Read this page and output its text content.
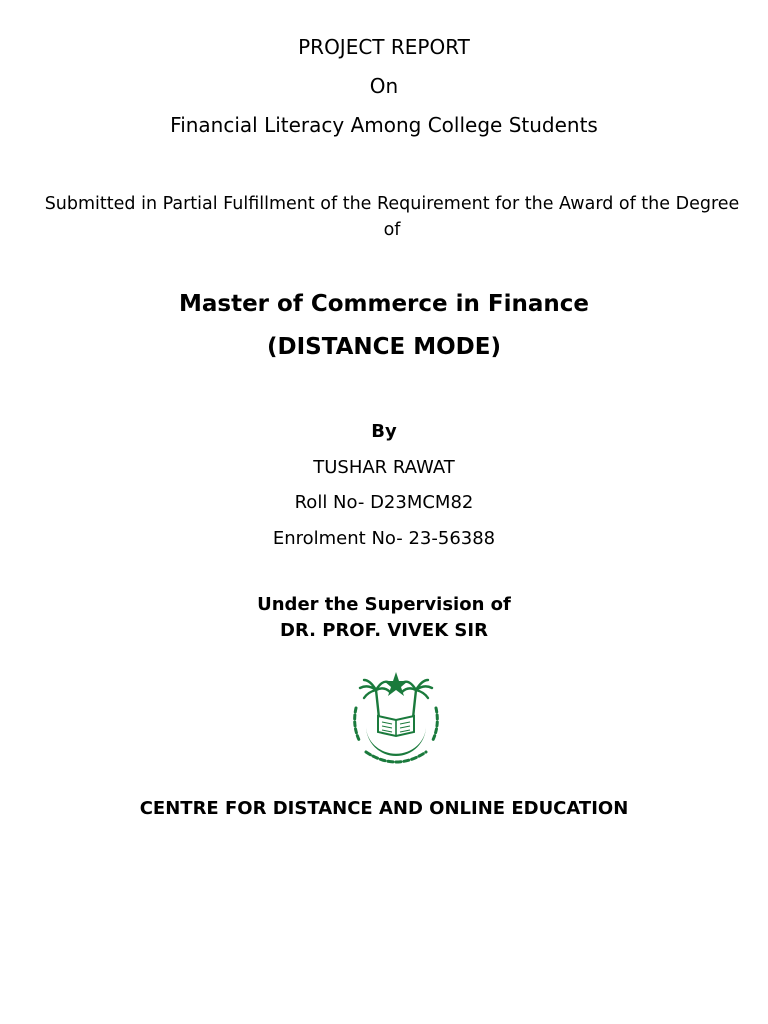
PROJECT REPORT
On
Financial Literacy Among College Students
Submitted in Partial Fulfillment of the Requirement for the Award of the Degree of
Master of Commerce in Finance
(DISTANCE MODE)
By
TUSHAR RAWAT
Roll No- D23MCM82
Enrolment No- 23-56388
Under the Supervision of
DR. PROF. VIVEK SIR
CENTRE FOR DISTANCE AND ONLINE EDUCATION
